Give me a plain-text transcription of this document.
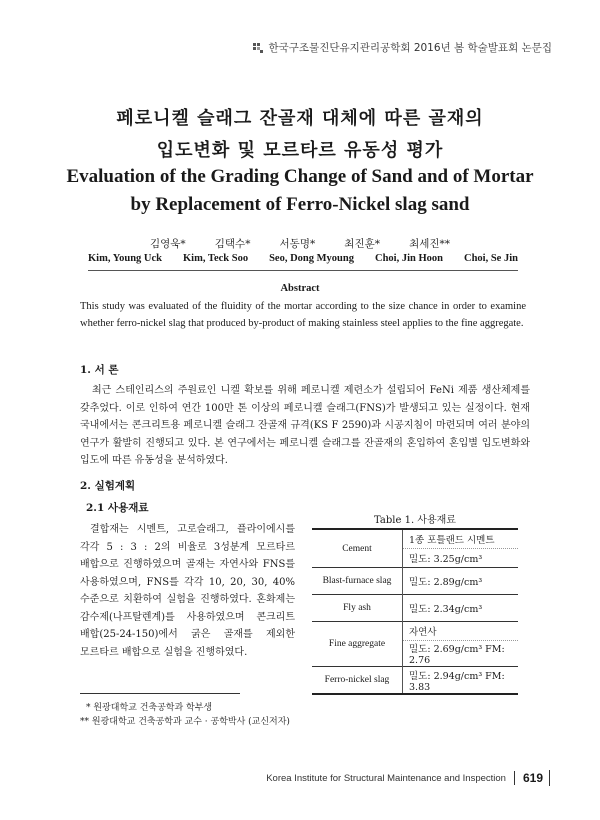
한국구조물진단유지관리공학회 2016년 봄 학술발표회 논문집
페로니켈 슬래그 잔골재 대체에 따른 골재의
입도변화 및 모르타르 유동성 평가
Evaluation of the Grading Change of Sand and of Mortar
by Replacement of Ferro-Nickel slag sand
김영욱*	김택수*	서동명*	최진훈*	최세진**
Kim, Young Uck Kim, Teck Soo Seo, Dong Myoung Choi, Jin Hoon Choi, Se Jin
Abstract
This study was evaluated of the fluidity of the mortar according to the size chance in order to examine whether ferro-nickel slag that produced by-product of making stainless steel applies to the fine aggregate.
1. 서 론
최근 스테인리스의 주원료인 니켈 확보를 위해 페로니켈 제련소가 설립되어 FeNi 제품 생산체제를 갖추었다. 이로 인하여 연간 100만 톤 이상의 페로니켈 슬래그(FNS)가 발생되고 있는 실정이다. 현재 국내에서는 콘크리트용 페로니켈 슬래그 잔골재 규격(KS F 2590)과 시공지침이 마련되며 여러 분야의 연구가 활발히 진행되고 있다. 본 연구에서는 페로니켈 슬래그를 잔골재의 혼입하여 혼입별 입도변화와 입도에 따른 유동성을 분석하였다.
2. 실험계획
2.1 사용재료
결합재는 시멘트, 고로슬래그, 플라이에시를 각각 5 : 3 : 2의 비율로 3성분계 모르타르 배합으로 진행하였으며 골재는 자연사와 FNS를 사용하였으며, FNS를 각각 10, 20, 30, 40% 수준으로 치환하여 실험을 진행하였다. 혼화제는 감수제(나프탈렌계)를 사용하였으며 콘크리트 배합(25-24-150)에서 굵은 골재를 제외한 모르타르 배합으로 실험을 진행하였다.
Table 1. 사용재료
Cement	1종 포틀랜드 시멘트
	밀도: 3.25g/cm³
Blast-furnace slag	밀도: 2.89g/cm³
Fly ash	밀도: 2.34g/cm³
Fine aggregate	자연사
	밀도: 2.69g/cm³ FM: 2.76
Ferro-nickel slag	밀도: 2.94g/cm³ FM: 3.83
* 원광대학교 건축공학과 학부생
** 원광대학교 건축공학과 교수 · 공학박사 (교신저자)
Korea Institute for Structural Maintenance and Inspection 619
